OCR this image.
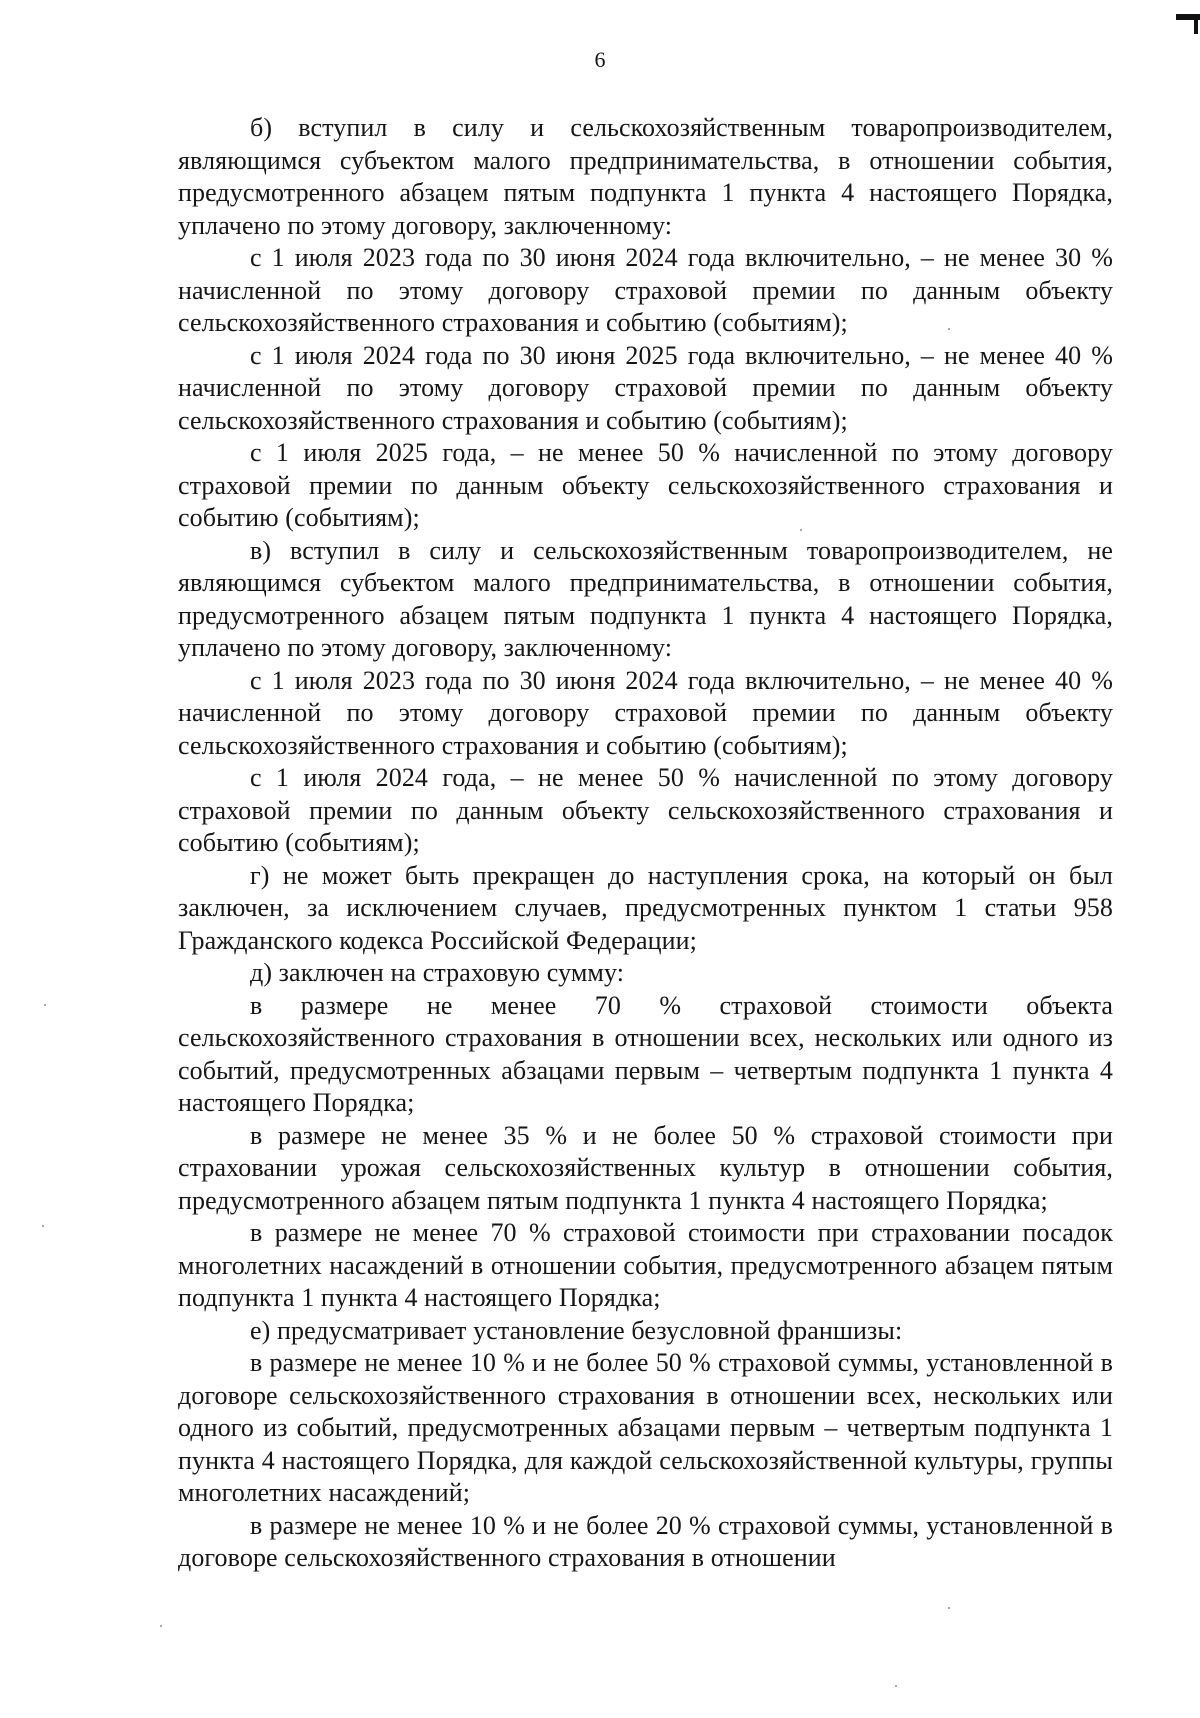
6

б) вступил в силу и сельскохозяйственным товаропроизводителем, являющимся субъектом малого предпринимательства, в отношении события, предусмотренного абзацем пятым подпункта 1 пункта 4 настоящего Порядка, уплачено по этому договору, заключенному:

с 1 июля 2023 года по 30 июня 2024 года включительно, – не менее 30 % начисленной по этому договору страховой премии по данным объекту сельскохозяйственного страхования и событию (событиям);

с 1 июля 2024 года по 30 июня 2025 года включительно, – не менее 40 % начисленной по этому договору страховой премии по данным объекту сельскохозяйственного страхования и событию (событиям);

с 1 июля 2025 года, – не менее 50 % начисленной по этому договору страховой премии по данным объекту сельскохозяйственного страхования и событию (событиям);

в) вступил в силу и сельскохозяйственным товаропроизводителем, не являющимся субъектом малого предпринимательства, в отношении события, предусмотренного абзацем пятым подпункта 1 пункта 4 настоящего Порядка, уплачено по этому договору, заключенному:

с 1 июля 2023 года по 30 июня 2024 года включительно, – не менее 40 % начисленной по этому договору страховой премии по данным объекту сельскохозяйственного страхования и событию (событиям);

с 1 июля 2024 года, – не менее 50 % начисленной по этому договору страховой премии по данным объекту сельскохозяйственного страхования и событию (событиям);

г) не может быть прекращен до наступления срока, на который он был заключен, за исключением случаев, предусмотренных пунктом 1 статьи 958 Гражданского кодекса Российской Федерации;

д) заключен на страховую сумму:

в размере не менее 70 % страховой стоимости объекта сельскохозяйственного страхования в отношении всех, нескольких или одного из событий, предусмотренных абзацами первым – четвертым подпункта 1 пункта 4 настоящего Порядка;

в размере не менее 35 % и не более 50 % страховой стоимости при страховании урожая сельскохозяйственных культур в отношении события, предусмотренного абзацем пятым подпункта 1 пункта 4 настоящего Порядка;

в размере не менее 70 % страховой стоимости при страховании посадок многолетних насаждений в отношении события, предусмотренного абзацем пятым подпункта 1 пункта 4 настоящего Порядка;

е) предусматривает установление безусловной франшизы:

в размере не менее 10 % и не более 50 % страховой суммы, установленной в договоре сельскохозяйственного страхования в отношении всех, нескольких или одного из событий, предусмотренных абзацами первым – четвертым подпункта 1 пункта 4 настоящего Порядка, для каждой сельскохозяйственной культуры, группы многолетних насаждений;

в размере не менее 10 % и не более 20 % страховой суммы, установленной в договоре сельскохозяйственного страхования в отношении
